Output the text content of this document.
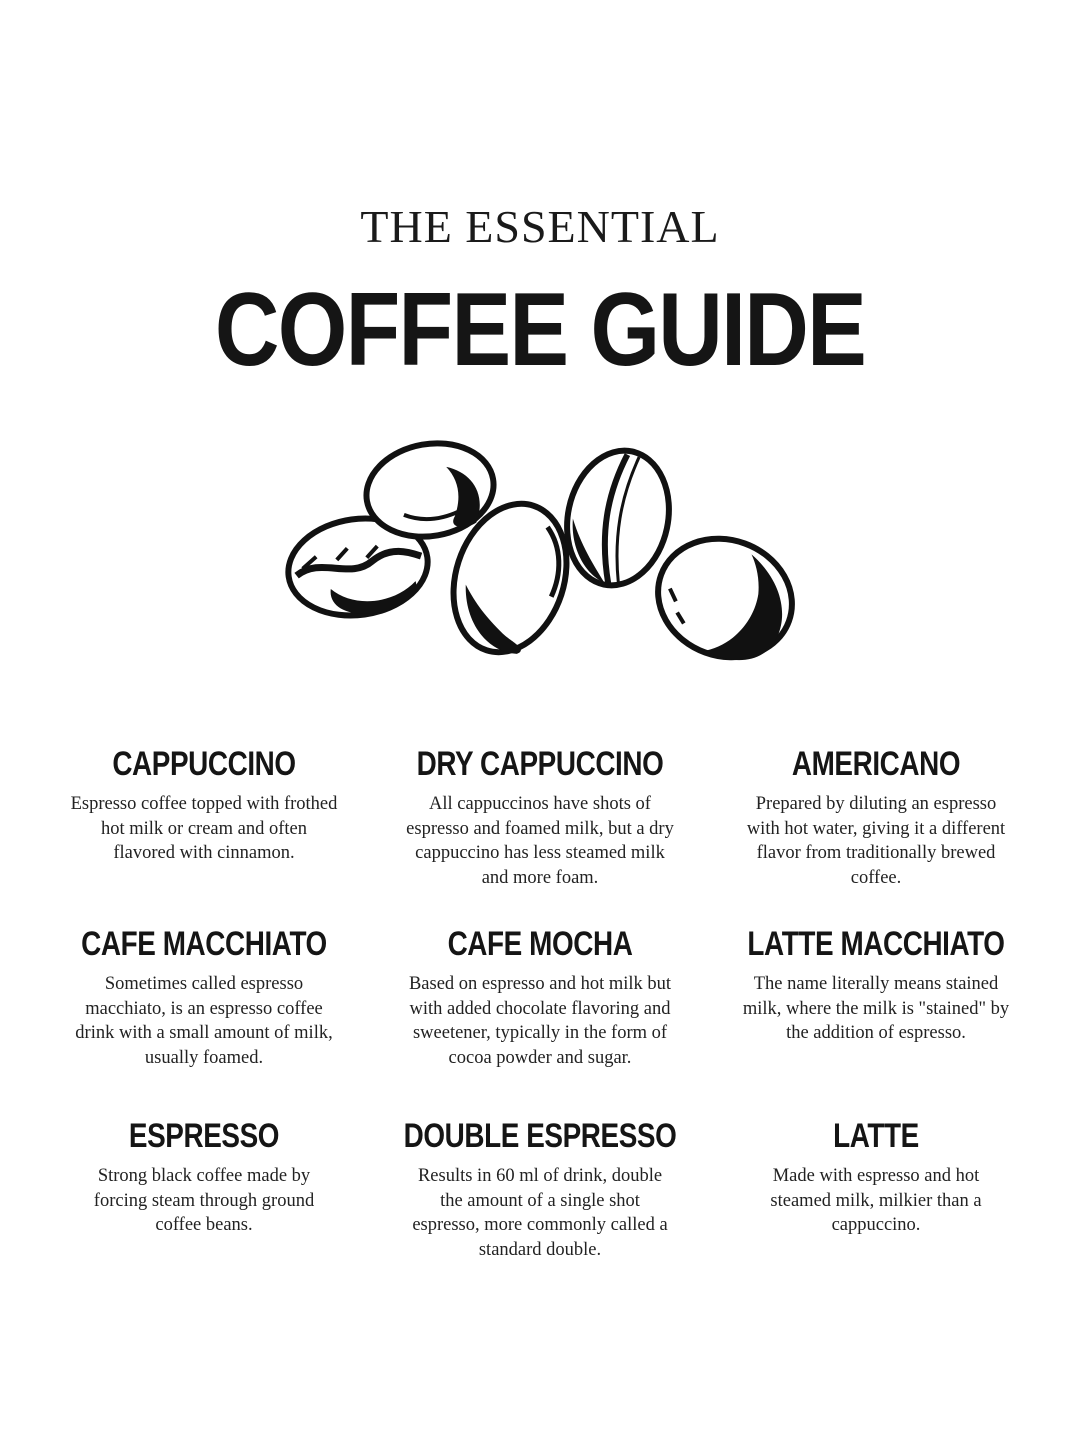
THE ESSENTIAL
COFFEE GUIDE
CAPPUCCINO

Espresso coffee topped with frothed hot milk or cream and often flavored with cinnamon.

DRY CAPPUCCINO

All cappuccinos have shots of espresso and foamed milk, but a dry cappuccino has less steamed milk and more foam.

AMERICANO

Prepared by diluting an espresso with hot water, giving it a different flavor from traditionally brewed coffee.

CAFE MACCHIATO

Sometimes called espresso macchiato, is an espresso coffee drink with a small amount of milk, usually foamed.

CAFE MOCHA

Based on espresso and hot milk but with added chocolate flavoring and sweetener, typically in the form of cocoa powder and sugar.

LATTE MACCHIATO

The name literally means stained milk, where the milk is "stained" by the addition of espresso.

ESPRESSO

Strong black coffee made by forcing steam through ground coffee beans.

DOUBLE ESPRESSO

Results in 60 ml of drink, double the amount of a single shot espresso, more commonly called a standard double.

LATTE

Made with espresso and hot steamed milk, milkier than a cappuccino.
